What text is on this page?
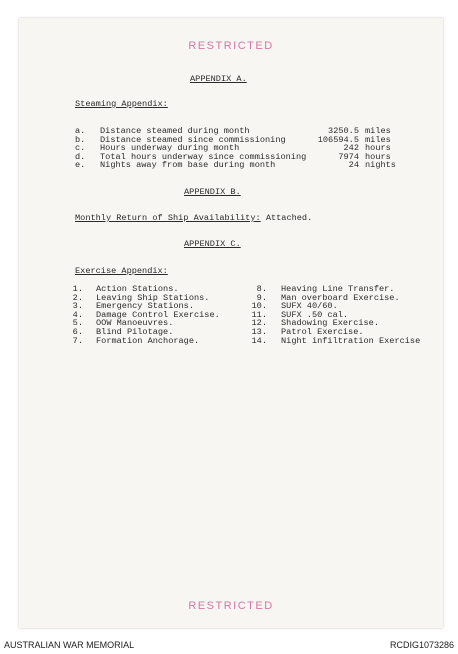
RESTRICTED
APPENDIX A.
Steaming Appendix:
a. Distance steamed during month	3250.5 miles
b. Distance steamed since commissioning	106594.5 miles
c. Hours underway during month	242 hours
d. Total hours underway since commissioning	7974 hours
e. Nights away from base during month	24 nights
APPENDIX B.
Monthly Return of Ship Availability: Attached.
APPENDIX C.
Exercise Appendix:
1. Action Stations.
2. Leaving Ship Stations.
3. Emergency Stations.
4. Damage Control Exercise.
5. OOW Manoeuvres.
6. Blind Pilotage.
7. Formation Anchorage.
8. Heaving Line Transfer.
9. Man overboard Exercise.
10. SUFX 40/60.
11. SUFX .50 cal.
12. Shadowing Exercise.
13. Patrol Exercise.
14. Night infiltration Exercise
RESTRICTED
AUSTRALIAN WAR MEMORIAL	RCDIG1073286
